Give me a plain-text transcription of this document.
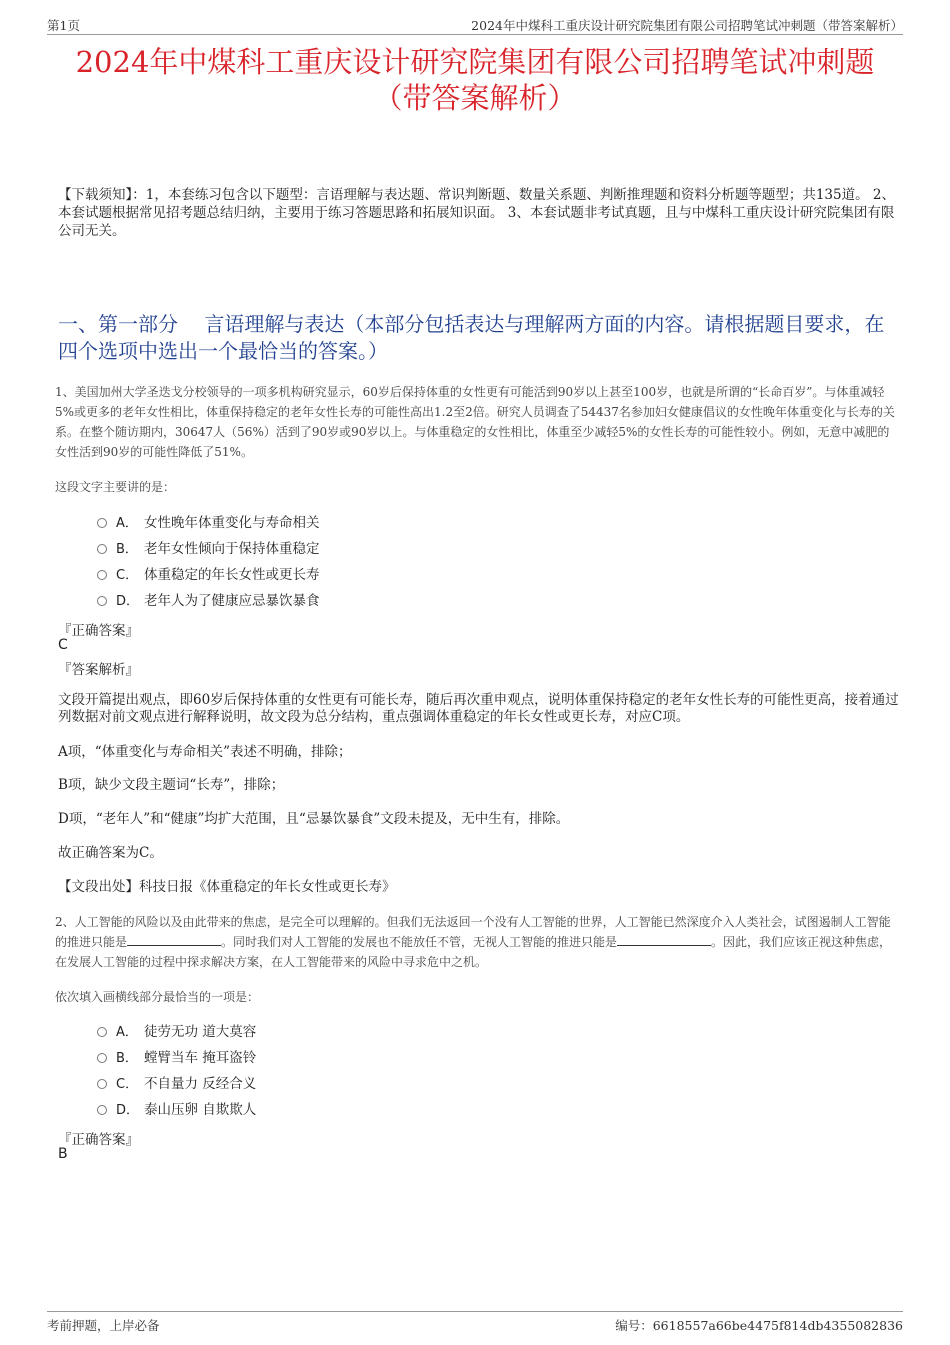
第1页	2024年中煤科工重庆设计研究院集团有限公司招聘笔试冲刺题（带答案解析）
2024年中煤科工重庆设计研究院集团有限公司招聘笔试冲刺题
（带答案解析）
【下载须知】：1，本套练习包含以下题型：言语理解与表达题、常识判断题、数量关系题、判断推理题和资料分析题等题型；共135道。 2、本套试题根据常见招考题总结归纳，主要用于练习答题思路和拓展知识面。 3、本套试题非考试真题，且与中煤科工重庆设计研究院集团有限公司无关。
一、第一部分　 言语理解与表达（本部分包括表达与理解两方面的内容。请根据题目要求，在四个选项中选出一个最恰当的答案。）
1、美国加州大学圣迭戈分校领导的一项多机构研究显示，60岁后保持体重的女性更有可能活到90岁以上甚至100岁，也就是所谓的“长命百岁”。与体重减轻5%或更多的老年女性相比，体重保持稳定的老年女性长寿的可能性高出1.2至2倍。研究人员调查了54437名参加妇女健康倡议的女性晚年体重变化与长寿的关系。在整个随访期内，30647人（56%）活到了90岁或90岁以上。与体重稳定的女性相比，体重至少减轻5%的女性长寿的可能性较小。例如，无意中减肥的女性活到90岁的可能性降低了51%。
这段文字主要讲的是：
A． 女性晚年体重变化与寿命相关
B． 老年女性倾向于保持体重稳定
C． 体重稳定的年长女性或更长寿
D． 老年人为了健康应忌暴饮暴食
『正确答案』
C
『答案解析』
文段开篇提出观点，即60岁后保持体重的女性更有可能长寿，随后再次重申观点，说明体重保持稳定的老年女性长寿的可能性更高，接着通过列数据对前文观点进行解释说明，故文段为总分结构，重点强调体重稳定的年长女性或更长寿，对应C项。
A项，“体重变化与寿命相关”表述不明确，排除；
B项，缺少文段主题词“长寿”，排除；
D项，“老年人”和“健康”均扩大范围，且“忌暴饮暴食”文段未提及，无中生有，排除。
故正确答案为C。
【文段出处】科技日报《体重稳定的年长女性或更长寿》
2、人工智能的风险以及由此带来的焦虑，是完全可以理解的。但我们无法返回一个没有人工智能的世界，人工智能已然深度介入人类社会，试图遏制人工智能的推进只能是	。同时我们对人工智能的发展也不能放任不管，无视人工智能的推进只能是	。因此，我们应该正视这种焦虑，在发展人工智能的过程中探求解决方案，在人工智能带来的风险中寻求危中之机。
依次填入画横线部分最恰当的一项是：
A． 徒劳无功 道大莫容
B． 螳臂当车 掩耳盗铃
C． 不自量力 反经合义
D． 泰山压卵 自欺欺人
『正确答案』
B
考前押题，上岸必备	编号：6618557a66be4475f814db4355082836
